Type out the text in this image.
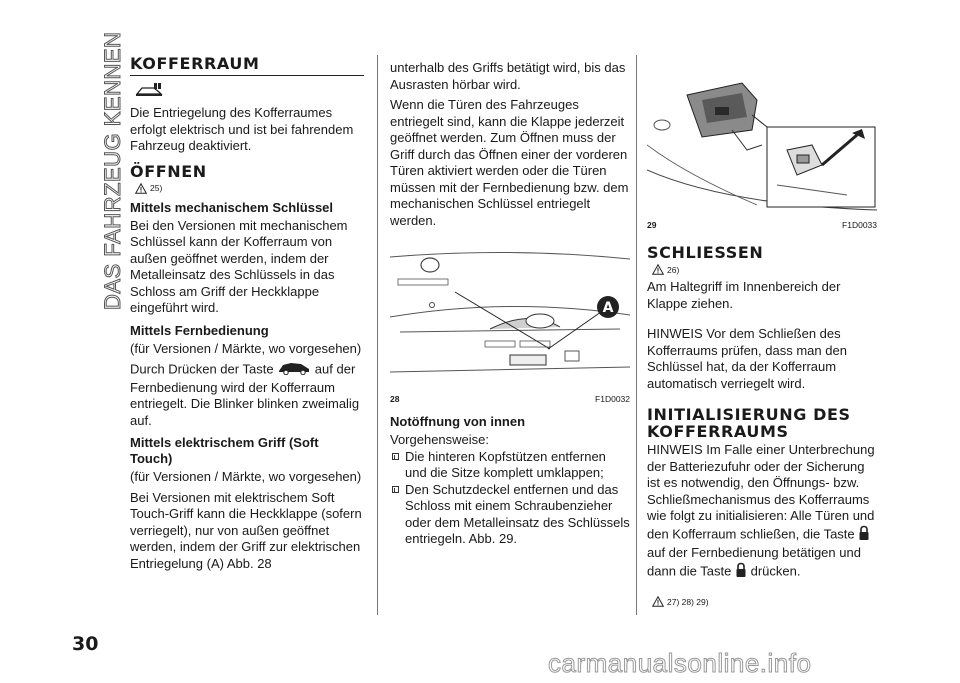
DAS FAHRZEUG KENNEN KOFFERRAUM

Die Entriegelung des Kofferraumes erfolgt elektrisch und ist bei fahrendem Fahrzeug deaktiviert.

ÖFFNEN
25)
Mittels mechanischem Schlüssel

Bei den Versionen mit mechanischem Schlüssel kann der Kofferraum von außen geöffnet werden, indem der Metalleinsatz des Schlüssels in das Schloss am Griff der Heckklappe eingeführt wird.

Mittels Fernbedienung

(für Versionen / Märkte, wo vorgesehen)

Durch Drücken der Taste	auf der Fernbedienung wird der Kofferraum entriegelt. Die Blinker blinken zweimalig auf.

Mittels elektrischem Griff (Soft Touch)

(für Versionen / Märkte, wo vorgesehen)

Bei Versionen mit elektrischem Soft Touch-Griff kann die Heckklappe (sofern verriegelt), nur von außen geöffnet werden, indem der Griff zur elektrischen Entriegelung (A) Abb. 28

unterhalb des Griffs betätigt wird, bis das Ausrasten hörbar wird.

Wenn die Türen des Fahrzeuges entriegelt sind, kann die Klappe jederzeit geöffnet werden. Zum Öffnen muss der Griff durch das Öffnen einer der vorderen Türen aktiviert werden oder die Türen müssen mit der Fernbedienung bzw. dem mechanischen Schlüssel entriegelt werden.

A
28	F1D0032
Notöffnung von innen

Vorgehensweise:

Die hinteren Kopfstützen entfernen und die Sitze komplett umklappen;
Den Schutzdeckel entfernen und das Schloss mit einem Schraubenzieher oder dem Metalleinsatz des Schlüssels entriegeln. Abb. 29.
29	F1D0033
SCHLIESSEN
26)

Am Haltegriff im Innenbereich der Klappe ziehen.

HINWEIS Vor dem Schließen des Kofferraums prüfen, dass man den Schlüssel hat, da der Kofferraum automatisch verriegelt wird.

INITIALISIERUNG DES
KOFFERRAUMS

HINWEIS Im Falle einer Unterbrechung der Batteriezufuhr oder der Sicherung ist es notwendig, den Öffnungs- bzw. Schließmechanismus des Kofferraums wie folgt zu initialisieren: Alle Türen und den Kofferraum schließen, die Taste  auf der Fernbedienung betätigen und dann die Taste drücken.

27) 28) 29)
30
carmanualsonline.info
